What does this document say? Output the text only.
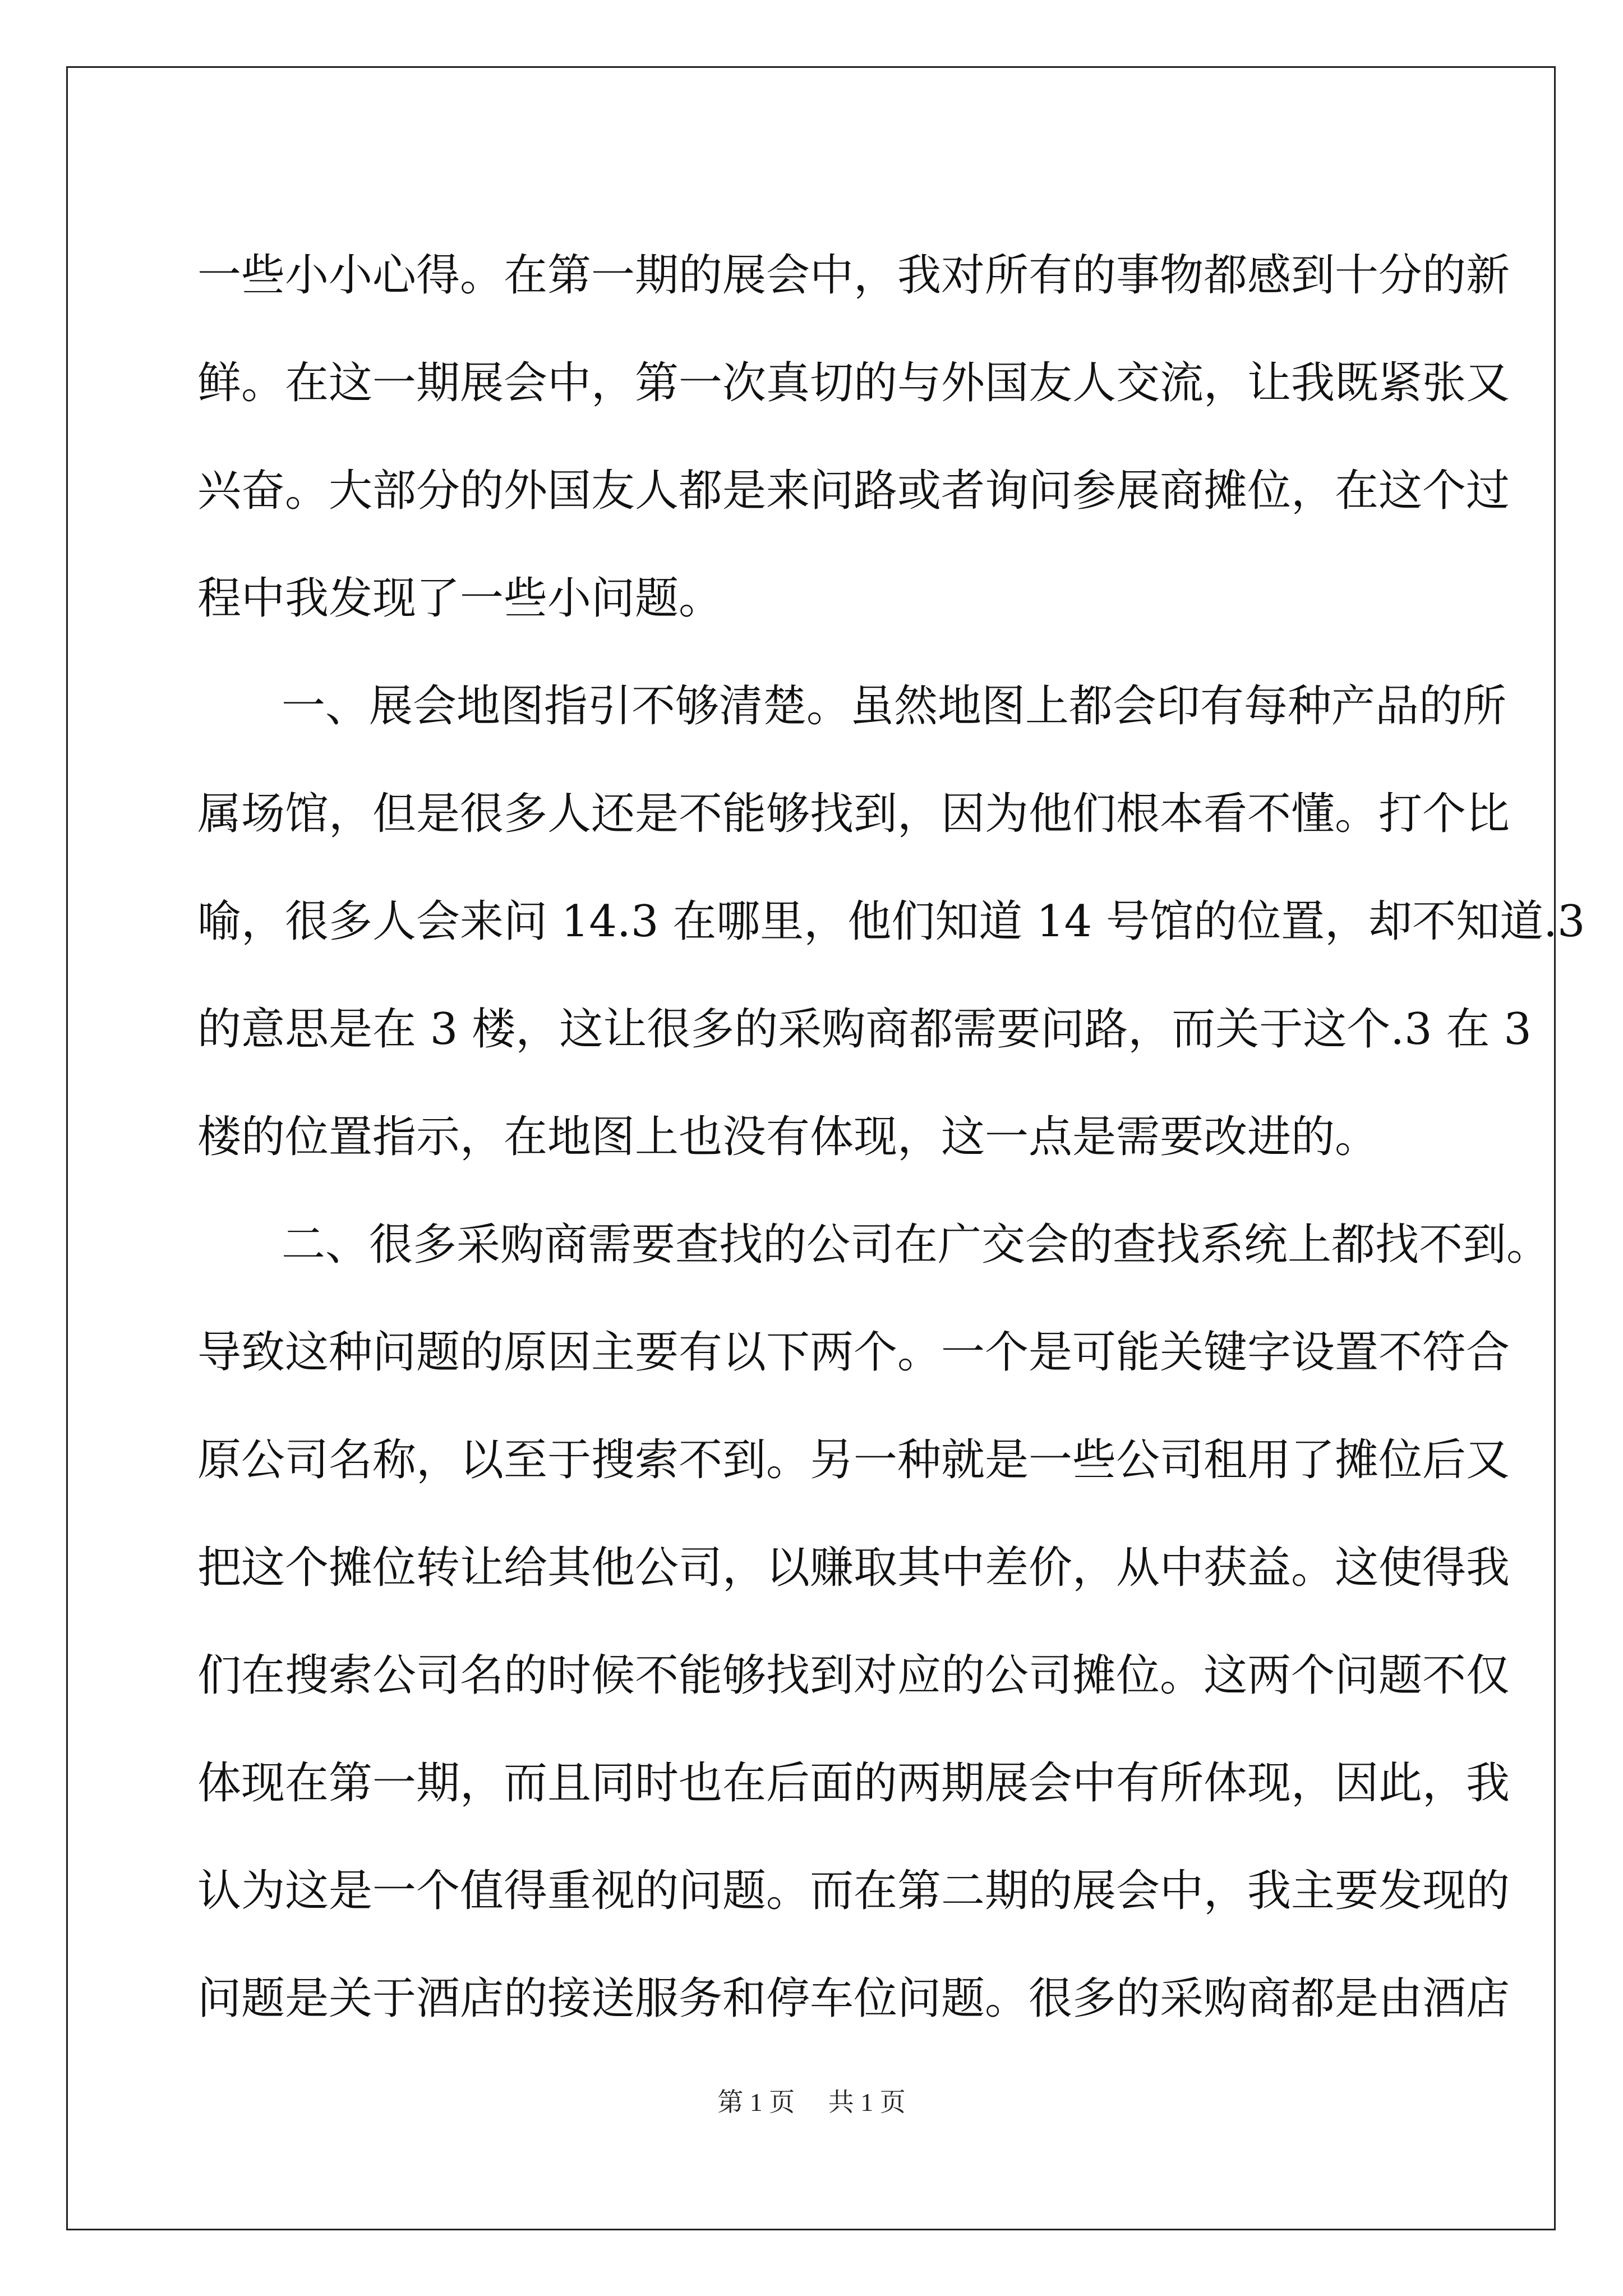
一些小小心得。在第一期的展会中，我对所有的事物都感到十分的新
鲜。在这一期展会中，第一次真切的与外国友人交流，让我既紧张又
兴奋。大部分的外国友人都是来问路或者询问参展商摊位，在这个过
程中我发现了一些小问题。
一、展会地图指引不够清楚。虽然地图上都会印有每种产品的所
属场馆，但是很多人还是不能够找到，因为他们根本看不懂。打个比
喻，很多人会来问 14.3 在哪里，他们知道 14 号馆的位置，却不知道.3
的意思是在 3 楼，这让很多的采购商都需要问路，而关于这个.3 在 3
楼的位置指示，在地图上也没有体现，这一点是需要改进的。
二、很多采购商需要查找的公司在广交会的查找系统上都找不到。
导致这种问题的原因主要有以下两个。一个是可能关键字设置不符合
原公司名称，以至于搜索不到。另一种就是一些公司租用了摊位后又
把这个摊位转让给其他公司，以赚取其中差价，从中获益。这使得我
们在搜索公司名的时候不能够找到对应的公司摊位。这两个问题不仅
体现在第一期，而且同时也在后面的两期展会中有所体现，因此，我
认为这是一个值得重视的问题。而在第二期的展会中，我主要发现的
问题是关于酒店的接送服务和停车位问题。很多的采购商都是由酒店
第 1 页 共 1 页
